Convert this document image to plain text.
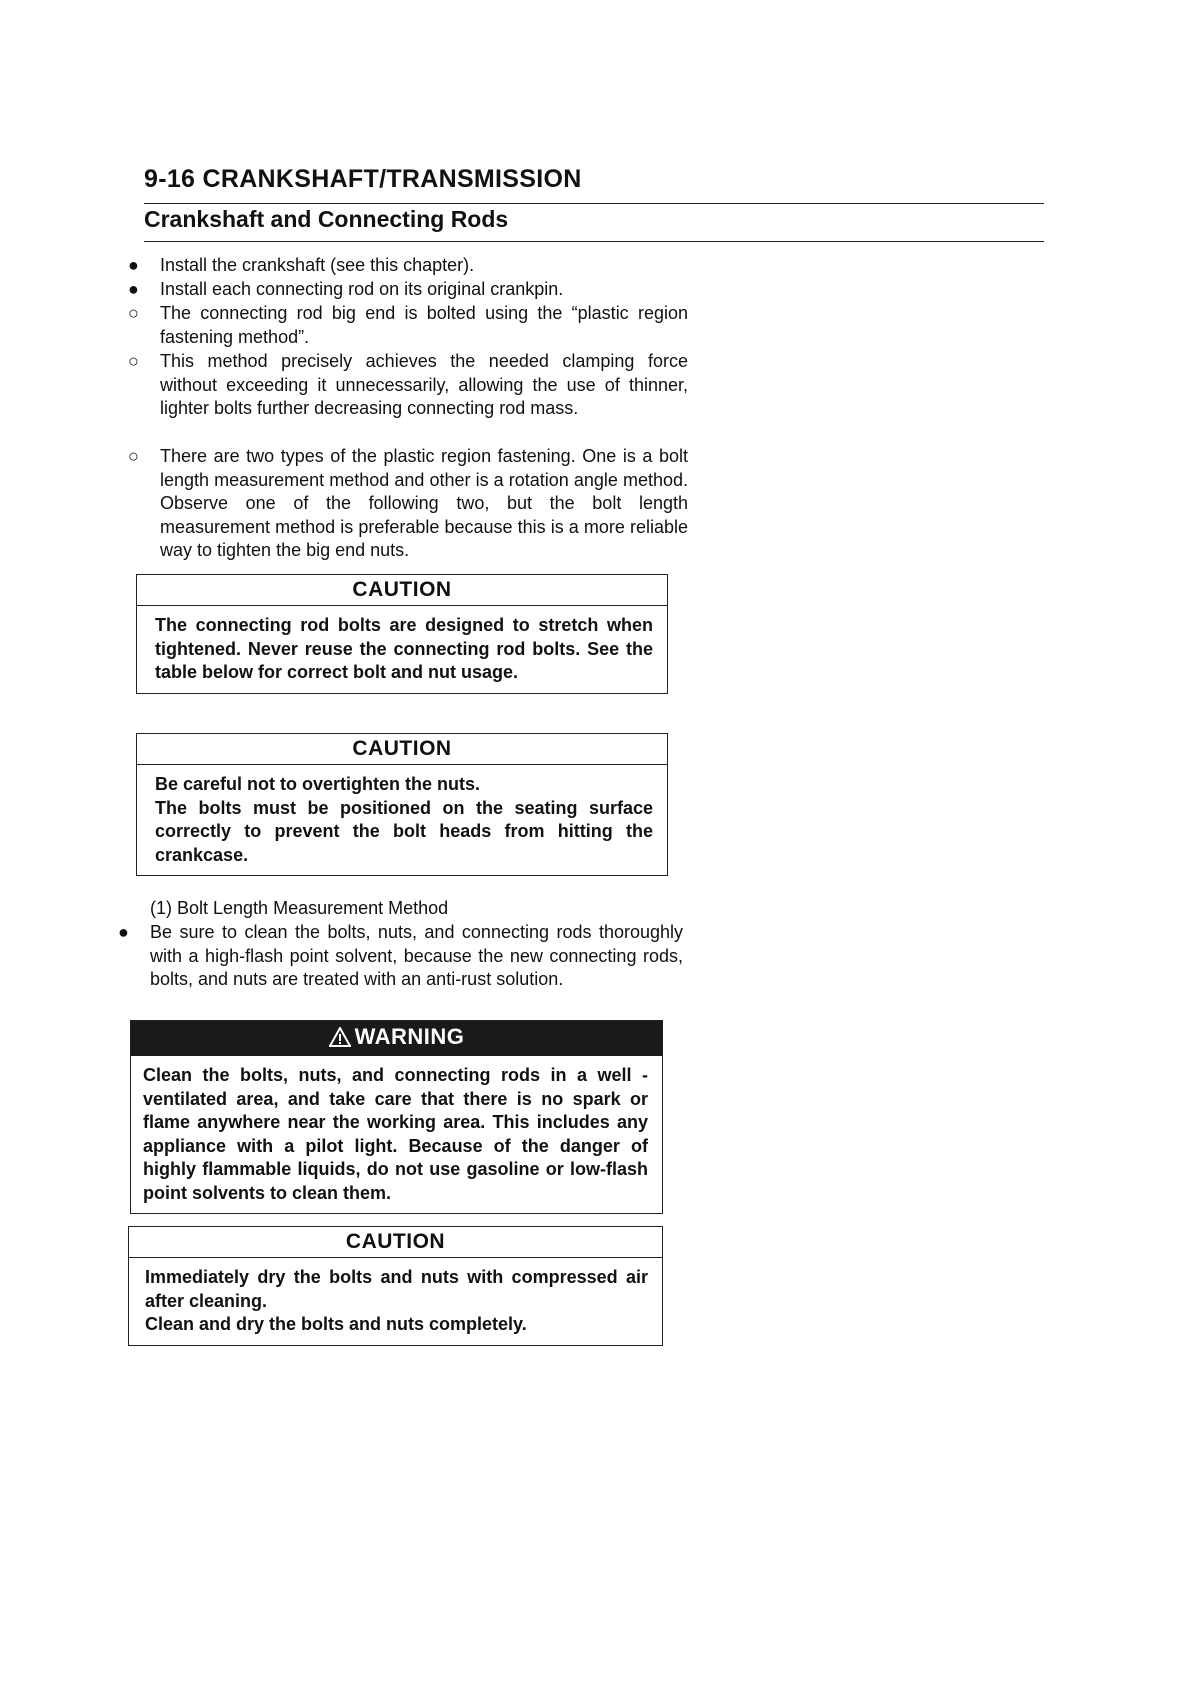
9-16 CRANKSHAFT/TRANSMISSION
Crankshaft and Connecting Rods
● Install the crankshaft (see this chapter).
● Install each connecting rod on its original crankpin.
○ The connecting rod big end is bolted using the “plastic region fastening method”.
○ This method precisely achieves the needed clamping force without exceeding it unnecessarily, allowing the use of thinner, lighter bolts further decreasing connecting rod mass.
○ There are two types of the plastic region fastening. One is a bolt length measurement method and other is a rotation angle method. Observe one of the following two, but the bolt length measurement method is preferable because this is a more reliable way to tighten the big end nuts.
CAUTION

The connecting rod bolts are designed to stretch when tightened. Never reuse the connecting rod bolts. See the table below for correct bolt and nut usage.

CAUTION

Be careful not to overtighten the nuts.

The bolts must be positioned on the seating surface correctly to prevent the bolt heads from hitting the crankcase.

(1) Bolt Length Measurement Method
● Be sure to clean the bolts, nuts, and connecting rods thoroughly with a high-flash point solvent, because the new connecting rods, bolts, and nuts are treated with an anti-rust solution.
WARNING

Clean the bolts, nuts, and connecting rods in a well -ventilated area, and take care that there is no spark or flame anywhere near the working area. This includes any appliance with a pilot light. Because of the danger of highly flammable liquids, do not use gasoline or low-flash point solvents to clean them.

CAUTION

Immediately dry the bolts and nuts with compressed air after cleaning.

Clean and dry the bolts and nuts completely.
